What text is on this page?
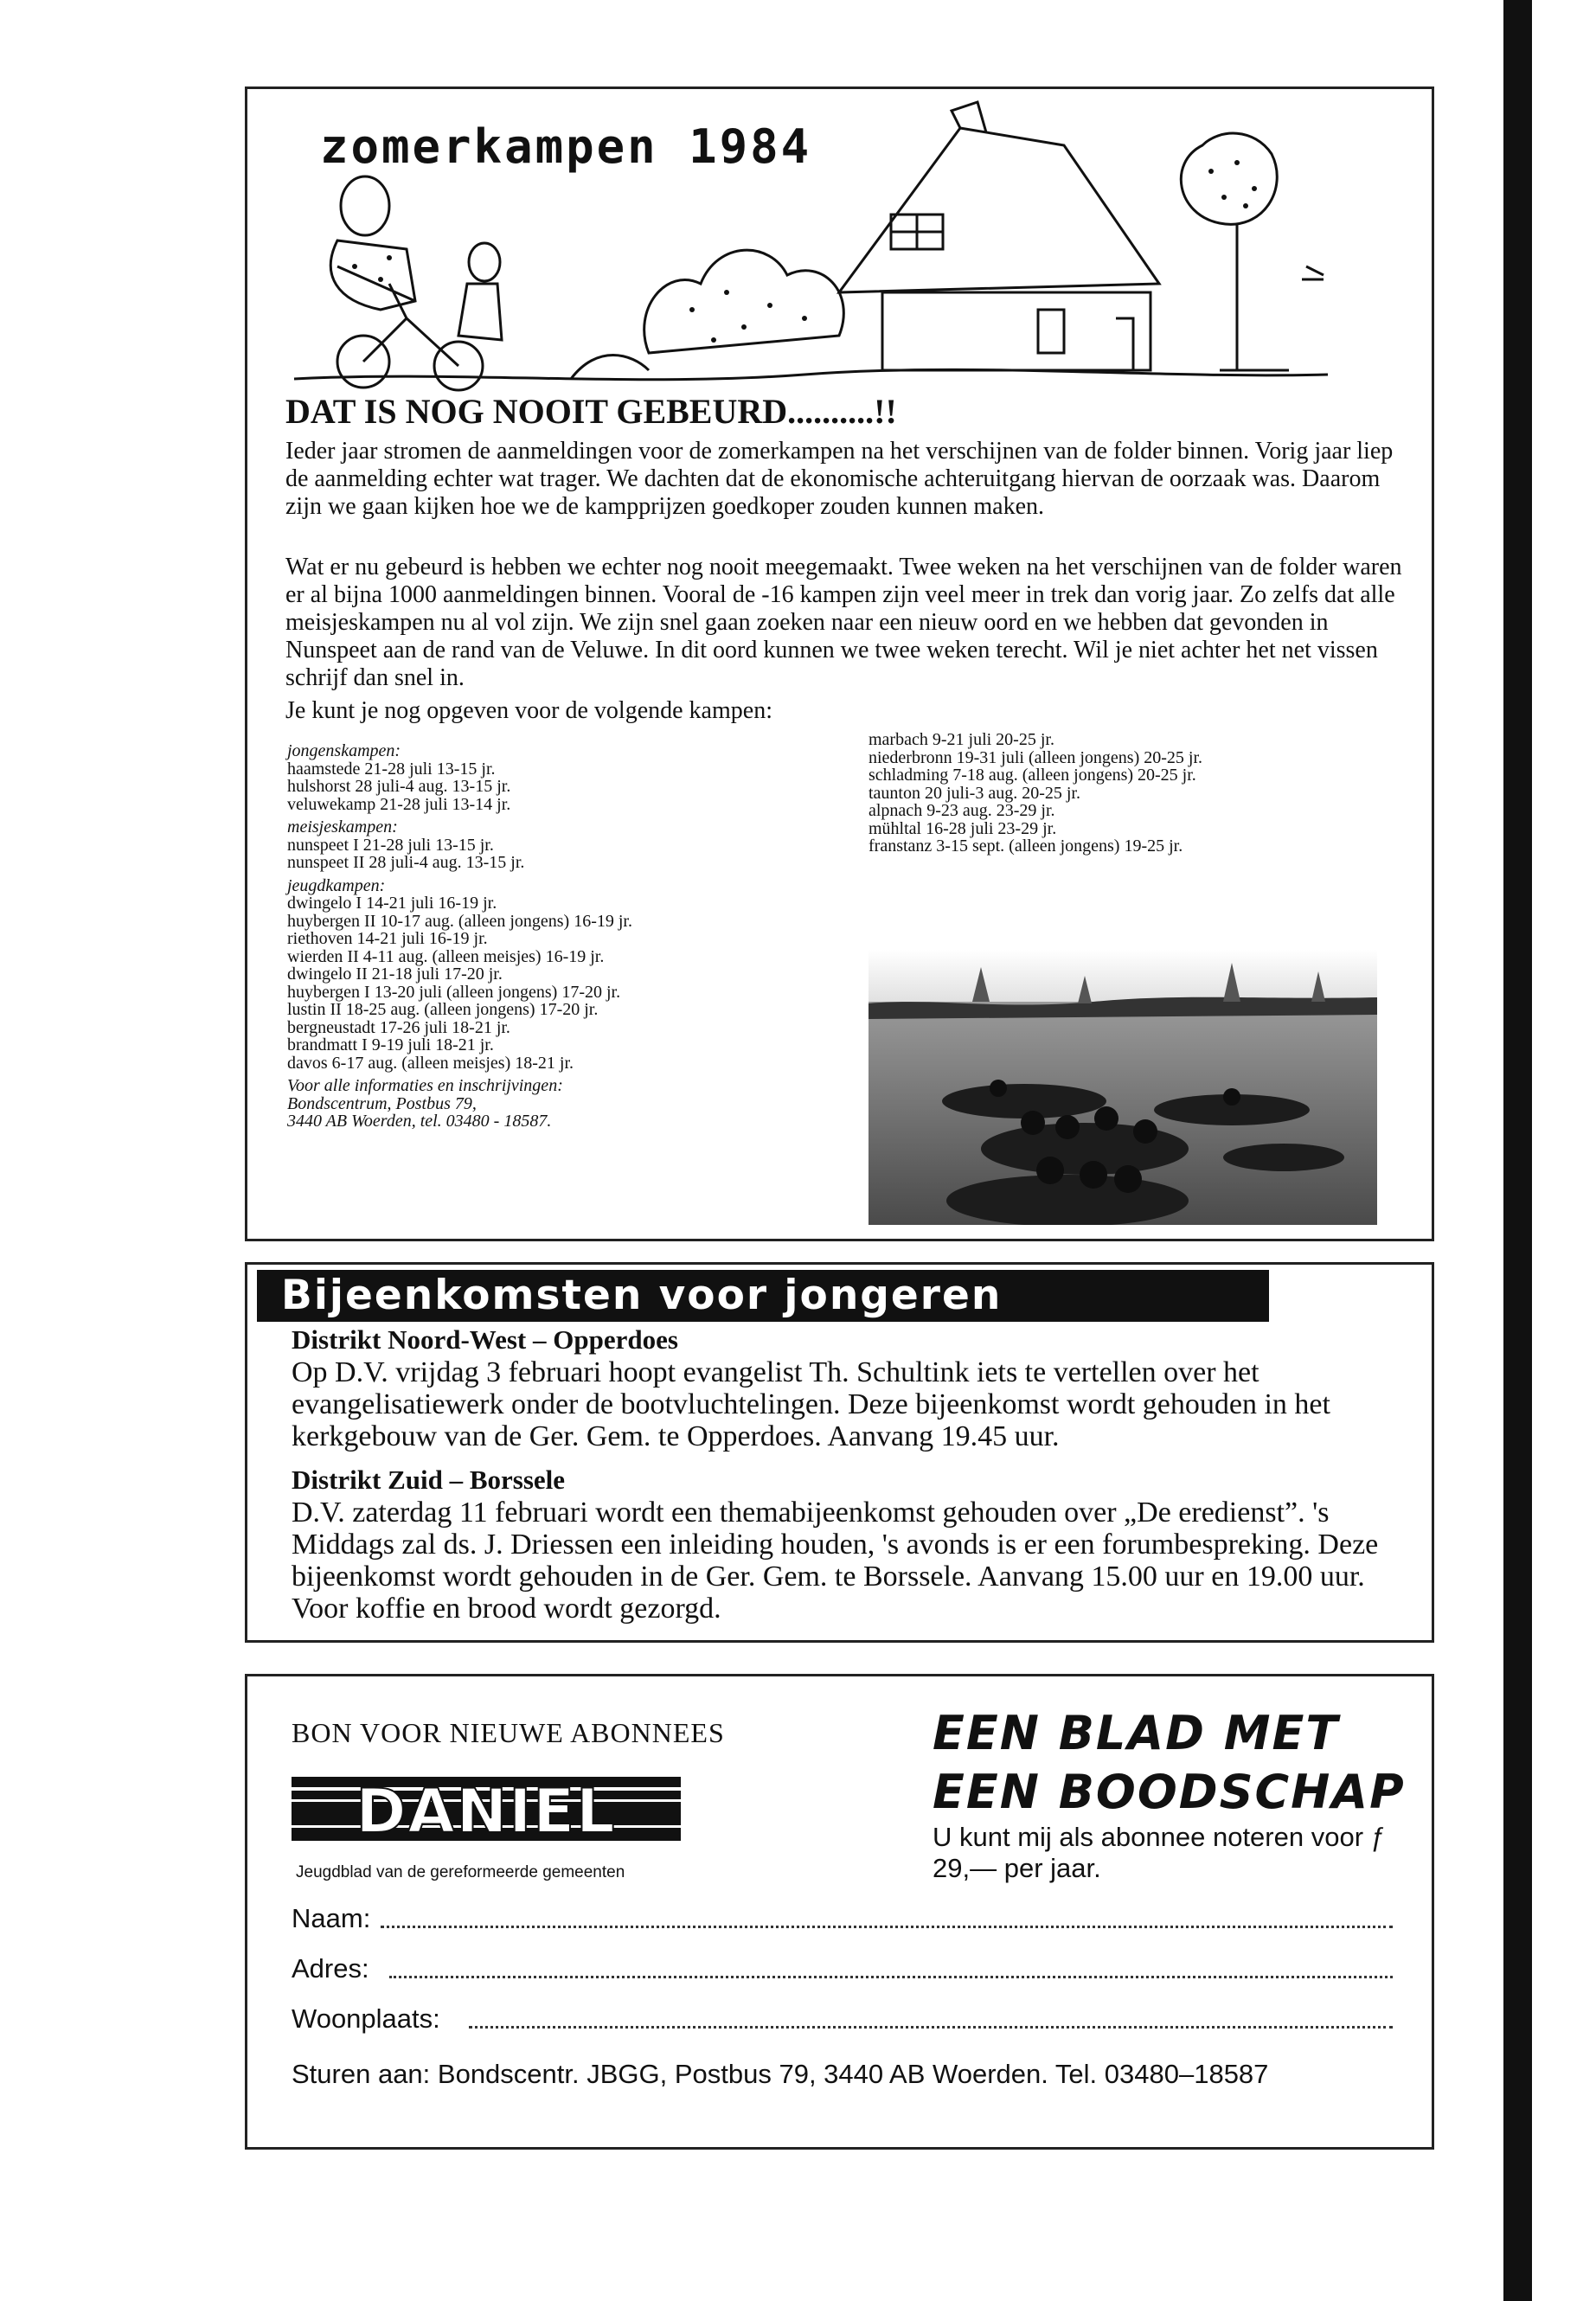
zomerkampen 1984
DAT IS NOG NOOIT GEBEURD..........!!
Ieder jaar stromen de aanmeldingen voor de zomerkampen na het verschijnen van de folder binnen. Vorig jaar liep de aanmelding echter wat trager. We dachten dat de ekonomische achteruitgang hiervan de oorzaak was. Daarom zijn we gaan kijken hoe we de kampprijzen goedkoper zouden kunnen maken.
Wat er nu gebeurd is hebben we echter nog nooit meegemaakt. Twee weken na het verschijnen van de folder waren er al bijna 1000 aanmeldingen binnen. Vooral de -16 kampen zijn veel meer in trek dan vorig jaar. Zo zelfs dat alle meisjeskampen nu al vol zijn. We zijn snel gaan zoeken naar een nieuw oord en we hebben dat gevonden in Nunspeet aan de rand van de Veluwe. In dit oord kunnen we twee weken terecht. Wil je niet achter het net vissen schrijf dan snel in.
Je kunt je nog opgeven voor de volgende kampen:
jongenskampen:
haamstede 21-28 juli 13-15 jr.
hulshorst 28 juli-4 aug. 13-15 jr.
veluwekamp 21-28 juli 13-14 jr.
meisjeskampen:
nunspeet I 21-28 juli 13-15 jr.
nunspeet II 28 juli-4 aug. 13-15 jr.
jeugdkampen:
dwingelo I 14-21 juli 16-19 jr.
huybergen II 10-17 aug. (alleen jongens) 16-19 jr.
riethoven 14-21 juli 16-19 jr.
wierden II 4-11 aug. (alleen meisjes) 16-19 jr.
dwingelo II 21-18 juli 17-20 jr.
huybergen I 13-20 juli (alleen jongens) 17-20 jr.
lustin II 18-25 aug. (alleen jongens) 17-20 jr.
bergneustadt 17-26 juli 18-21 jr.
brandmatt I 9-19 juli 18-21 jr.
davos 6-17 aug. (alleen meisjes) 18-21 jr.
Voor alle informaties en inschrijvingen:
Bondscentrum, Postbus 79,
3440 AB Woerden, tel. 03480 - 18587.
marbach 9-21 juli 20-25 jr.
niederbronn 19-31 juli (alleen jongens) 20-25 jr.
schladming 7-18 aug. (alleen jongens) 20-25 jr.
taunton 20 juli-3 aug. 20-25 jr.
alpnach 9-23 aug. 23-29 jr.
mühltal 16-28 juli 23-29 jr.
franstanz 3-15 sept. (alleen jongens) 19-25 jr.
Bijeenkomsten voor jongeren
Distrikt Noord-West – Opperdoes
Op D.V. vrijdag 3 februari hoopt evangelist Th. Schultink iets te vertellen over het evangelisatiewerk onder de bootvluchtelingen. Deze bijeenkomst wordt gehouden in het kerkgebouw van de Ger. Gem. te Opperdoes. Aanvang 19.45 uur.
Distrikt Zuid – Borssele
D.V. zaterdag 11 februari wordt een themabijeenkomst gehouden over „De eredienst”. 's Middags zal ds. J. Driessen een inleiding houden, 's avonds is er een forumbespreking. Deze bijeenkomst wordt gehouden in de Ger. Gem. te Borssele. Aanvang 15.00 uur en 19.00 uur. Voor koffie en brood wordt gezorgd.
BON VOOR NIEUWE ABONNEES
DANIEL
Jeugdblad van de gereformeerde gemeenten
EEN BLAD MET
EEN BOODSCHAP
U kunt mij als abonnee noteren voor ƒ 29,— per jaar.
Naam:
Adres:
Woonplaats:
Sturen aan: Bondscentr. JBGG, Postbus 79, 3440 AB Woerden. Tel. 03480–18587
